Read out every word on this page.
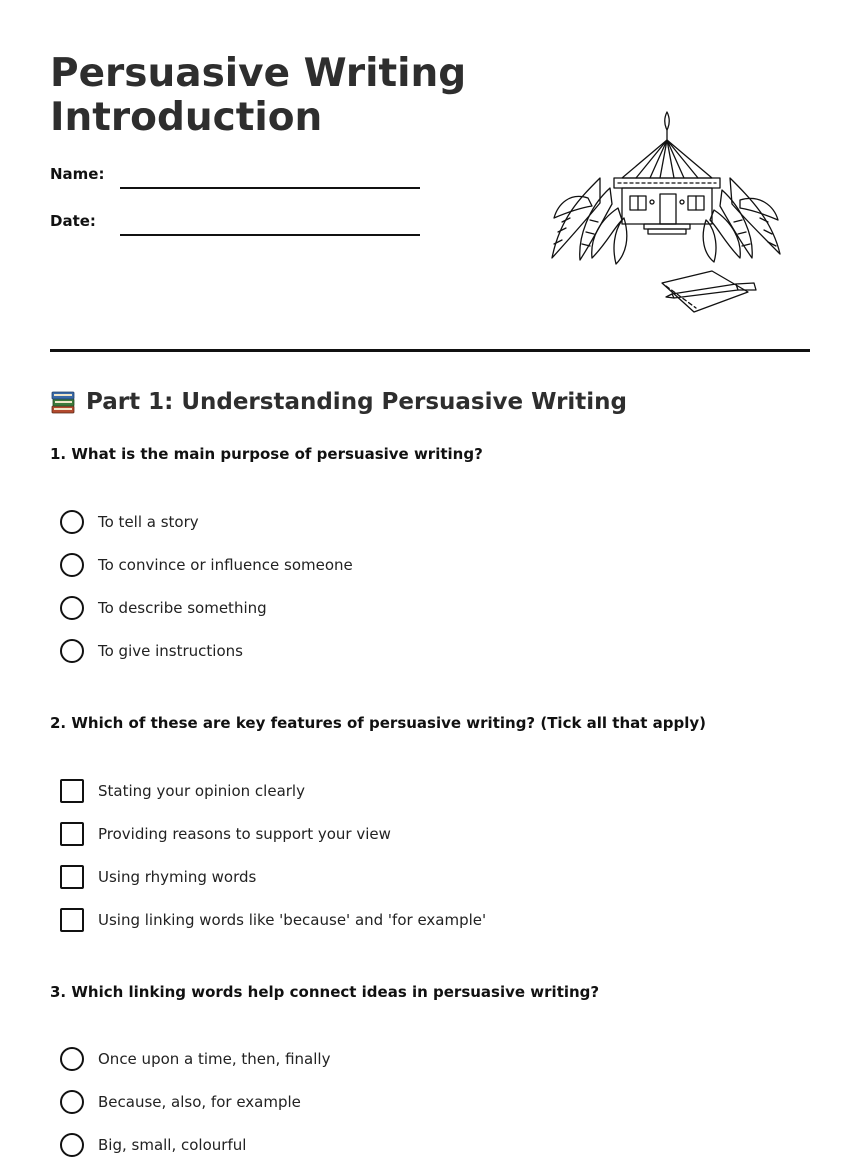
Persuasive Writing
Introduction
Name:
Date:
Part 1: Understanding Persuasive Writing
1. What is the main purpose of persuasive writing?
To tell a story
To convince or influence someone
To describe something
To give instructions
2. Which of these are key features of persuasive writing? (Tick all that apply)
Stating your opinion clearly
Providing reasons to support your view
Using rhyming words
Using linking words like 'because' and 'for example'
3. Which linking words help connect ideas in persuasive writing?
Once upon a time, then, finally
Because, also, for example
Big, small, colourful
